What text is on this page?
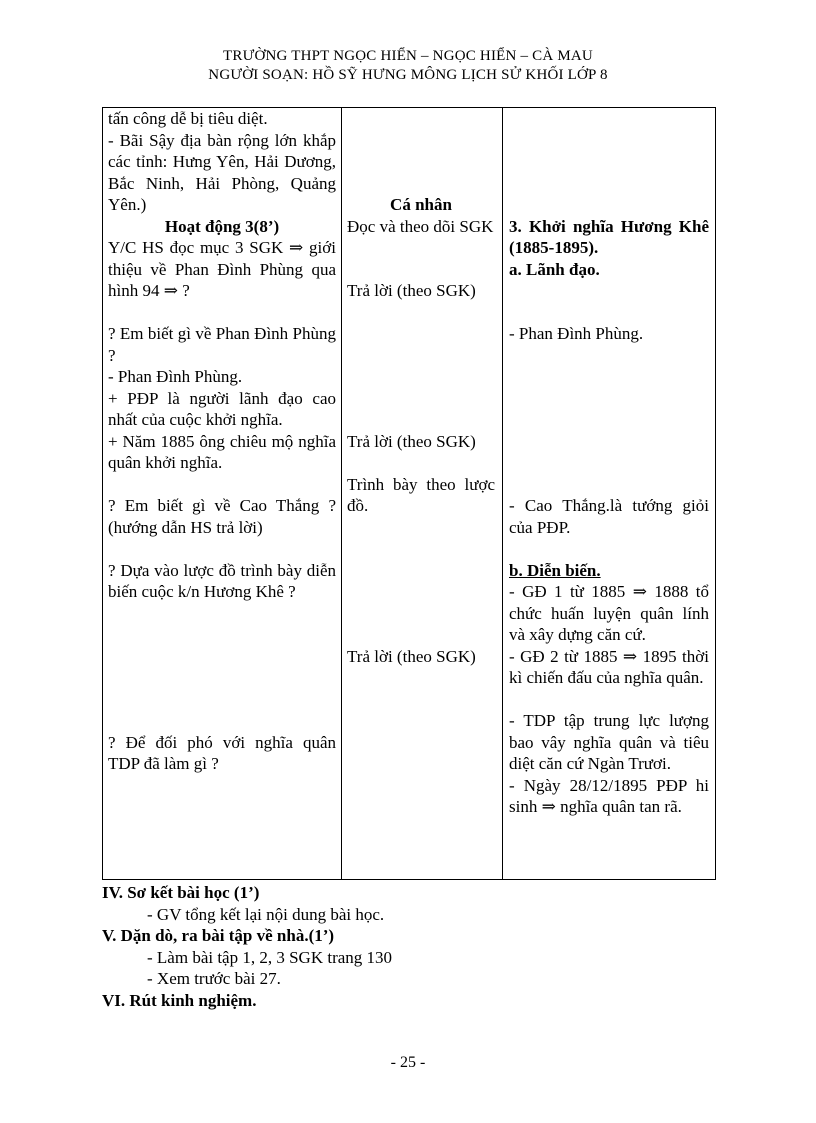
TRƯỜNG THPT NGỌC HIỂN – NGỌC HIỂN – CÀ MAU
NGƯỜI SOẠN: HỒ SỸ HƯNG MÔNG LỊCH SỬ KHỐI LỚP 8

tấn công dễ bị tiêu diệt.

- Bãi Sậy địa bàn rộng lớn khắp các tỉnh: Hưng Yên, Hải Dương, Bắc Ninh, Hải Phòng, Quảng Yên.)

Hoạt động 3(8’)

Y/C HS đọc mục 3 SGK ⇒ giới thiệu về Phan Đình Phùng qua hình 94 ⇒ ?

? Em biết gì về Phan Đình Phùng ?

- Phan Đình Phùng.

+ PĐP là người lãnh đạo cao nhất của cuộc khởi nghĩa.

+ Năm 1885 ông chiêu mộ nghĩa quân khởi nghĩa.

? Em biết gì về Cao Thắng ? (hướng dẫn HS trả lời)

? Dựa vào lược đồ trình bày diễn biến cuộc k/n Hương Khê ?

? Để đối phó với nghĩa quân TDP đã làm gì ?

Cá nhân

Đọc và theo dõi SGK

Trả lời (theo SGK)

Trả lời (theo SGK)

Trình bày theo lược đồ.

Trả lời (theo SGK)

3. Khởi nghĩa Hương Khê (1885-1895).

a. Lãnh đạo.

- Phan Đình Phùng.

- Cao Thắng.là tướng giỏi của PĐP.

b. Diễn biến.

- GĐ 1 từ 1885 ⇒ 1888 tổ chức huấn luyện quân lính và xây dựng căn cứ.

- GĐ 2 từ 1885 ⇒ 1895 thời kì chiến đấu của nghĩa quân.

- TDP tập trung lực lượng bao vây nghĩa quân và tiêu diệt căn cứ Ngàn Trươi.

- Ngày 28/12/1895 PĐP hi sinh ⇒ nghĩa quân tan rã.

IV. Sơ kết bài học (1’)
- GV tổng kết lại nội dung bài học.
V. Dặn dò, ra bài tập về nhà.(1’)
- Làm bài tập 1, 2, 3 SGK trang 130
- Xem trước bài 27.
VI. Rút kinh nghiệm.
- 25 -
